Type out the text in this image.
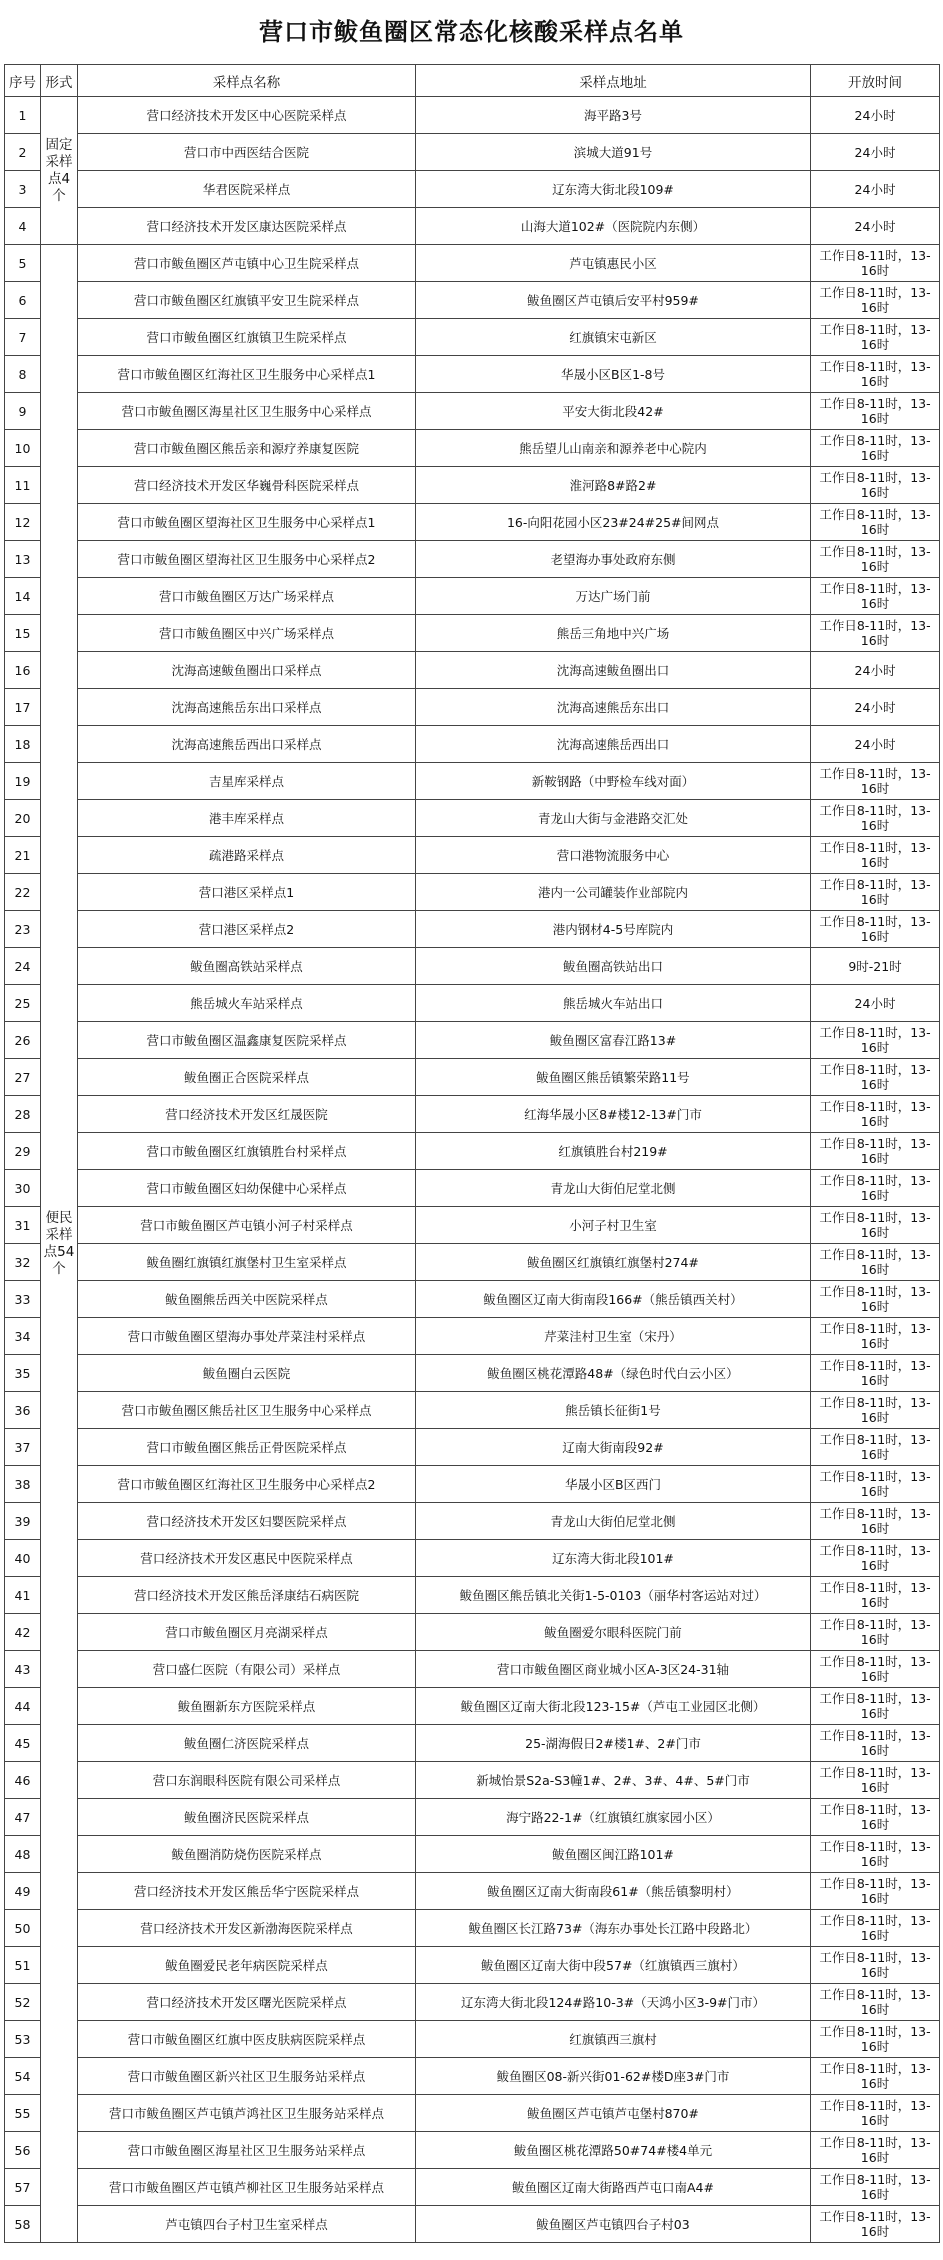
营口市鲅鱼圈区常态化核酸采样点名单
序号	形式	采样点名称	采样点地址	开放时间
1	固定采样点4个	营口经济技术开发区中心医院采样点	海平路3号	24小时
2		营口市中西医结合医院	滨城大道91号	24小时
3		华君医院采样点	辽东湾大街北段109#	24小时
4		营口经济技术开发区康达医院采样点	山海大道102#（医院院内东侧）	24小时
5	便民采样点54个	营口市鲅鱼圈区芦屯镇中心卫生院采样点	芦屯镇惠民小区	工作日8-11时，13-16时
6		营口市鲅鱼圈区红旗镇平安卫生院采样点	鲅鱼圈区芦屯镇后安平村959#	工作日8-11时，13-16时
7		营口市鲅鱼圈区红旗镇卫生院采样点	红旗镇宋屯新区	工作日8-11时，13-16时
8		营口市鲅鱼圈区红海社区卫生服务中心采样点1	华晟小区B区1-8号	工作日8-11时，13-16时
9		营口市鲅鱼圈区海星社区卫生服务中心采样点	平安大街北段42#	工作日8-11时，13-16时
10		营口市鲅鱼圈区熊岳亲和源疗养康复医院	熊岳望儿山南亲和源养老中心院内	工作日8-11时，13-16时
11		营口经济技术开发区华巍骨科医院采样点	淮河路8#路2#	工作日8-11时，13-16时
12		营口市鲅鱼圈区望海社区卫生服务中心采样点1	16-向阳花园小区23#24#25#间网点	工作日8-11时，13-16时
13		营口市鲅鱼圈区望海社区卫生服务中心采样点2	老望海办事处政府东侧	工作日8-11时，13-16时
14		营口市鲅鱼圈区万达广场采样点	万达广场门前	工作日8-11时，13-16时
15		营口市鲅鱼圈区中兴广场采样点	熊岳三角地中兴广场	工作日8-11时，13-16时
16		沈海高速鲅鱼圈出口采样点	沈海高速鲅鱼圈出口	24小时
17		沈海高速熊岳东出口采样点	沈海高速熊岳东出口	24小时
18		沈海高速熊岳西出口采样点	沈海高速熊岳西出口	24小时
19		吉星库采样点	新鞍钢路（中野检车线对面）	工作日8-11时，13-16时
20		港丰库采样点	青龙山大街与金港路交汇处	工作日8-11时，13-16时
21		疏港路采样点	营口港物流服务中心	工作日8-11时，13-16时
22		营口港区采样点1	港内一公司罐装作业部院内	工作日8-11时，13-16时
23		营口港区采样点2	港内钢材4-5号库院内	工作日8-11时，13-16时
24		鲅鱼圈高铁站采样点	鲅鱼圈高铁站出口	9时-21时
25		熊岳城火车站采样点	熊岳城火车站出口	24小时
26		营口市鲅鱼圈区温鑫康复医院采样点	鲅鱼圈区富春江路13#	工作日8-11时，13-16时
27		鲅鱼圈正合医院采样点	鲅鱼圈区熊岳镇繁荣路11号	工作日8-11时，13-16时
28		营口经济技术开发区红晟医院	红海华晟小区8#楼12-13#门市	工作日8-11时，13-16时
29		营口市鲅鱼圈区红旗镇胜台村采样点	红旗镇胜台村219#	工作日8-11时，13-16时
30		营口市鲅鱼圈区妇幼保健中心采样点	青龙山大街伯尼堂北侧	工作日8-11时，13-16时
31		营口市鲅鱼圈区芦屯镇小河子村采样点	小河子村卫生室	工作日8-11时，13-16时
32		鲅鱼圈红旗镇红旗堡村卫生室采样点	鲅鱼圈区红旗镇红旗堡村274#	工作日8-11时，13-16时
33		鲅鱼圈熊岳西关中医院采样点	鲅鱼圈区辽南大街南段166#（熊岳镇西关村）	工作日8-11时，13-16时
34		营口市鲅鱼圈区望海办事处芹菜洼村采样点	芹菜洼村卫生室（宋丹）	工作日8-11时，13-16时
35		鲅鱼圈白云医院	鲅鱼圈区桃花潭路48#（绿色时代白云小区）	工作日8-11时，13-16时
36		营口市鲅鱼圈区熊岳社区卫生服务中心采样点	熊岳镇长征街1号	工作日8-11时，13-16时
37		营口市鲅鱼圈区熊岳正骨医院采样点	辽南大街南段92#	工作日8-11时，13-16时
38		营口市鲅鱼圈区红海社区卫生服务中心采样点2	华晟小区B区西门	工作日8-11时，13-16时
39		营口经济技术开发区妇婴医院采样点	青龙山大街伯尼堂北侧	工作日8-11时，13-16时
40		营口经济技术开发区惠民中医院采样点	辽东湾大街北段101#	工作日8-11时，13-16时
41		营口经济技术开发区熊岳泽康结石病医院	鲅鱼圈区熊岳镇北关街1-5-0103（丽华村客运站对过）	工作日8-11时，13-16时
42		营口市鲅鱼圈区月亮湖采样点	鲅鱼圈爱尔眼科医院门前	工作日8-11时，13-16时
43		营口盛仁医院（有限公司）采样点	营口市鲅鱼圈区商业城小区A-3区24-31轴	工作日8-11时，13-16时
44		鲅鱼圈新东方医院采样点	鲅鱼圈区辽南大街北段123-15#（芦屯工业园区北侧）	工作日8-11时，13-16时
45		鲅鱼圈仁济医院采样点	25-湖海假日2#楼1#、2#门市	工作日8-11时，13-16时
46		营口东润眼科医院有限公司采样点	新城怡景S2a-S3幢1#、2#、3#、4#、5#门市	工作日8-11时，13-16时
47		鲅鱼圈济民医院采样点	海宁路22-1#（红旗镇红旗家园小区）	工作日8-11时，13-16时
48		鲅鱼圈消防烧伤医院采样点	鲅鱼圈区闽江路101#	工作日8-11时，13-16时
49		营口经济技术开发区熊岳华宁医院采样点	鲅鱼圈区辽南大街南段61#（熊岳镇黎明村）	工作日8-11时，13-16时
50		营口经济技术开发区新渤海医院采样点	鲅鱼圈区长江路73#（海东办事处长江路中段路北）	工作日8-11时，13-16时
51		鲅鱼圈爱民老年病医院采样点	鲅鱼圈区辽南大街中段57#（红旗镇西三旗村）	工作日8-11时，13-16时
52		营口经济技术开发区曙光医院采样点	辽东湾大街北段124#路10-3#（天鸿小区3-9#门市）	工作日8-11时，13-16时
53		营口市鲅鱼圈区红旗中医皮肤病医院采样点	红旗镇西三旗村	工作日8-11时，13-16时
54		营口市鲅鱼圈区新兴社区卫生服务站采样点	鲅鱼圈区08-新兴街01-62#楼D座3#门市	工作日8-11时，13-16时
55		营口市鲅鱼圈区芦屯镇芦鸿社区卫生服务站采样点	鲅鱼圈区芦屯镇芦屯堡村870#	工作日8-11时，13-16时
56		营口市鲅鱼圈区海星社区卫生服务站采样点	鲅鱼圈区桃花潭路50#74#楼4单元	工作日8-11时，13-16时
57		营口市鲅鱼圈区芦屯镇芦柳社区卫生服务站采样点	鲅鱼圈区辽南大街路西芦屯口南A4#	工作日8-11时，13-16时
58		芦屯镇四台子村卫生室采样点	鲅鱼圈区芦屯镇四台子村03	工作日8-11时，13-16时
